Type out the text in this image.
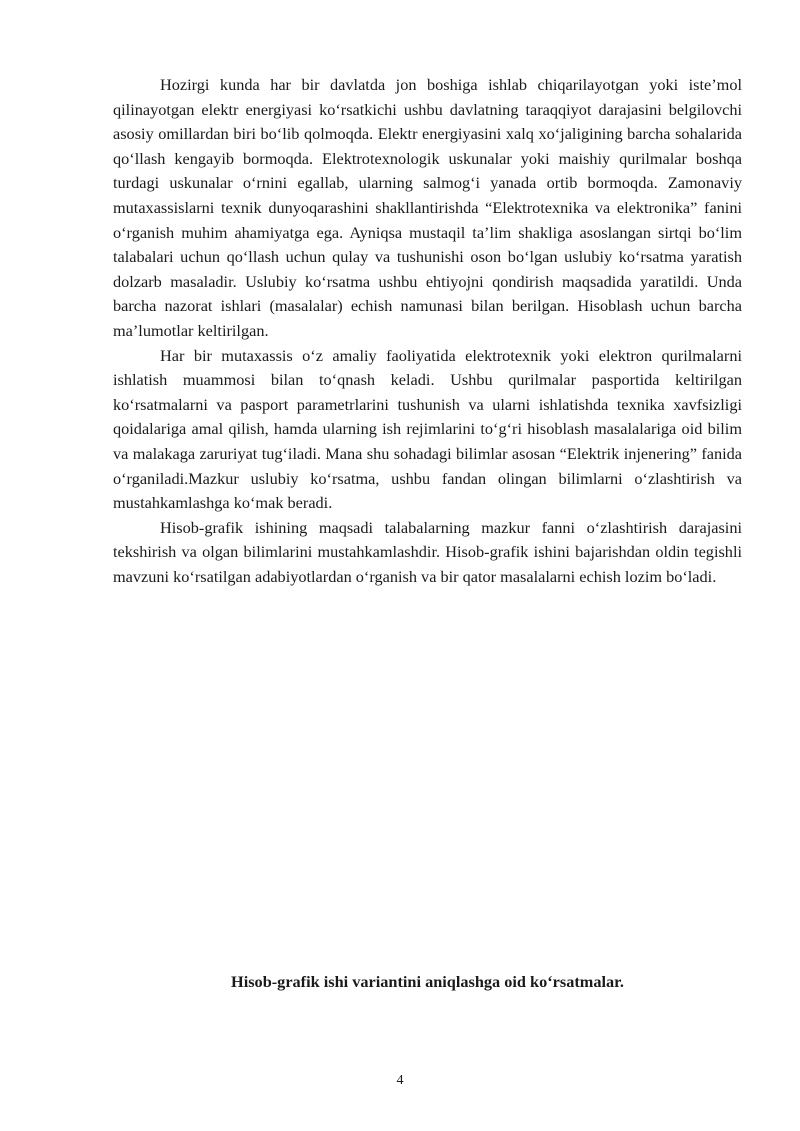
Hozirgi kunda har bir davlatda jon boshiga ishlab chiqarilayotgan yoki iste’mol qilinayotgan elektr energiyasi ko‘rsatkichi ushbu davlatning taraqqiyot darajasini belgilovchi asosiy omillardan biri bo‘lib qolmoqda. Elektr energiyasini xalq xo‘jaligining barcha sohalarida qo‘llash kengayib bormoqda. Elektrotexnologik uskunalar yoki maishiy qurilmalar boshqa turdagi uskunalar o‘rnini egallab, ularning salmog‘i yanada ortib bormoqda. Zamonaviy mutaxassislarni texnik dunyoqarashini shakllantirishda “Elektrotexnika va elektronika” fanini o‘rganish muhim ahamiyatga ega. Ayniqsa mustaqil ta’lim shakliga asoslangan sirtqi bo‘lim talabalari uchun qo‘llash uchun qulay va tushunishi oson bo‘lgan uslubiy ko‘rsatma yaratish dolzarb masaladir. Uslubiy ko‘rsatma ushbu ehtiyojni qondirish maqsadida yaratildi. Unda barcha nazorat ishlari (masalalar) echish namunasi bilan berilgan. Hisoblash uchun barcha ma’lumotlar keltirilgan.

Har bir mutaxassis o‘z amaliy faoliyatida elektrotexnik yoki elektron qurilmalarni ishlatish muammosi bilan to‘qnash keladi. Ushbu qurilmalar pasportida keltirilgan ko‘rsatmalarni va pasport parametrlarini tushunish va ularni ishlatishda texnika xavfsizligi qoidalariga amal qilish, hamda ularning ish rejimlarini to‘g‘ri hisoblash masalalariga oid bilim va malakaga zaruriyat tug‘iladi. Mana shu sohadagi bilimlar asosan “Elektrik injenering” fanida o‘rganiladi.Mazkur uslubiy ko‘rsatma, ushbu fandan olingan bilimlarni o‘zlashtirish va mustahkamlashga ko‘mak beradi.

Hisob-grafik ishining maqsadi talabalarning mazkur fanni o‘zlashtirish darajasini tekshirish va olgan bilimlarini mustahkamlashdir. Hisob-grafik ishini bajarishdan oldin tegishli mavzuni ko‘rsatilgan adabiyotlardan o‘rganish va bir qator masalalarni echish lozim bo‘ladi.

Hisob-grafik ishi variantini aniqlashga oid ko‘rsatmalar.
4
